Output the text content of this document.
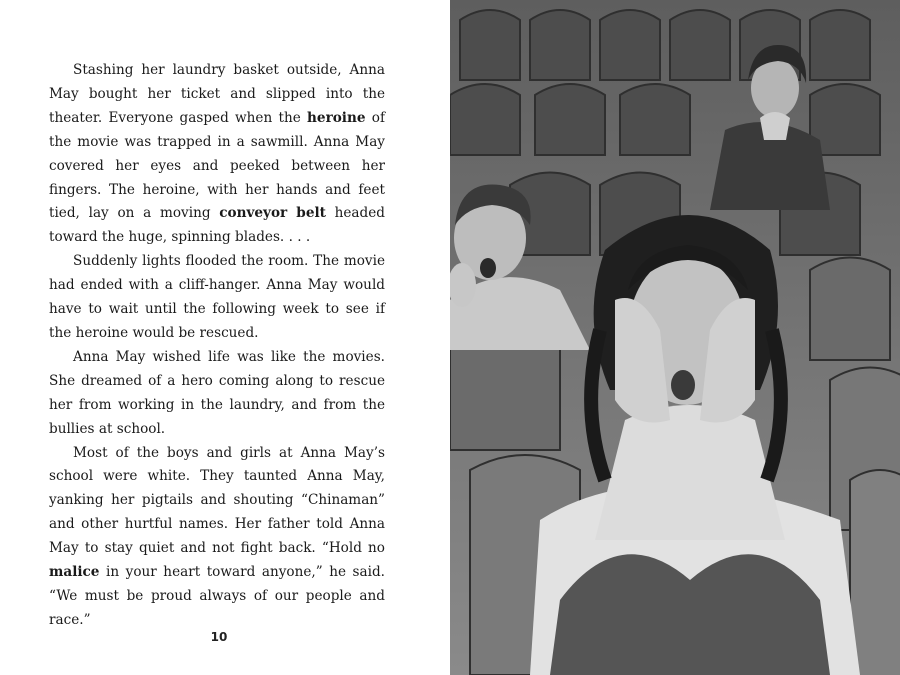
Stashing her laundry basket outside, Anna May bought her ticket and slipped into the theater. Everyone gasped when the heroine of the movie was trapped in a sawmill. Anna May covered her eyes and peeked between her fingers. The heroine, with her hands and feet tied, lay on a moving conveyor belt headed toward the huge, spinning blades. . . .

Suddenly lights flooded the room. The movie had ended with a cliff-hanger. Anna May would have to wait until the following week to see if the heroine would be rescued.

Anna May wished life was like the movies. She dreamed of a hero coming along to rescue her from working in the laundry, and from the bullies at school.

Most of the boys and girls at Anna May’s school were white. They taunted Anna May, yanking her pigtails and shouting “Chinaman” and other hurtful names. Her father told Anna May to stay quiet and not fight back. “Hold no malice in your heart toward anyone,” he said. “We must be proud always of our people and race.”

10
